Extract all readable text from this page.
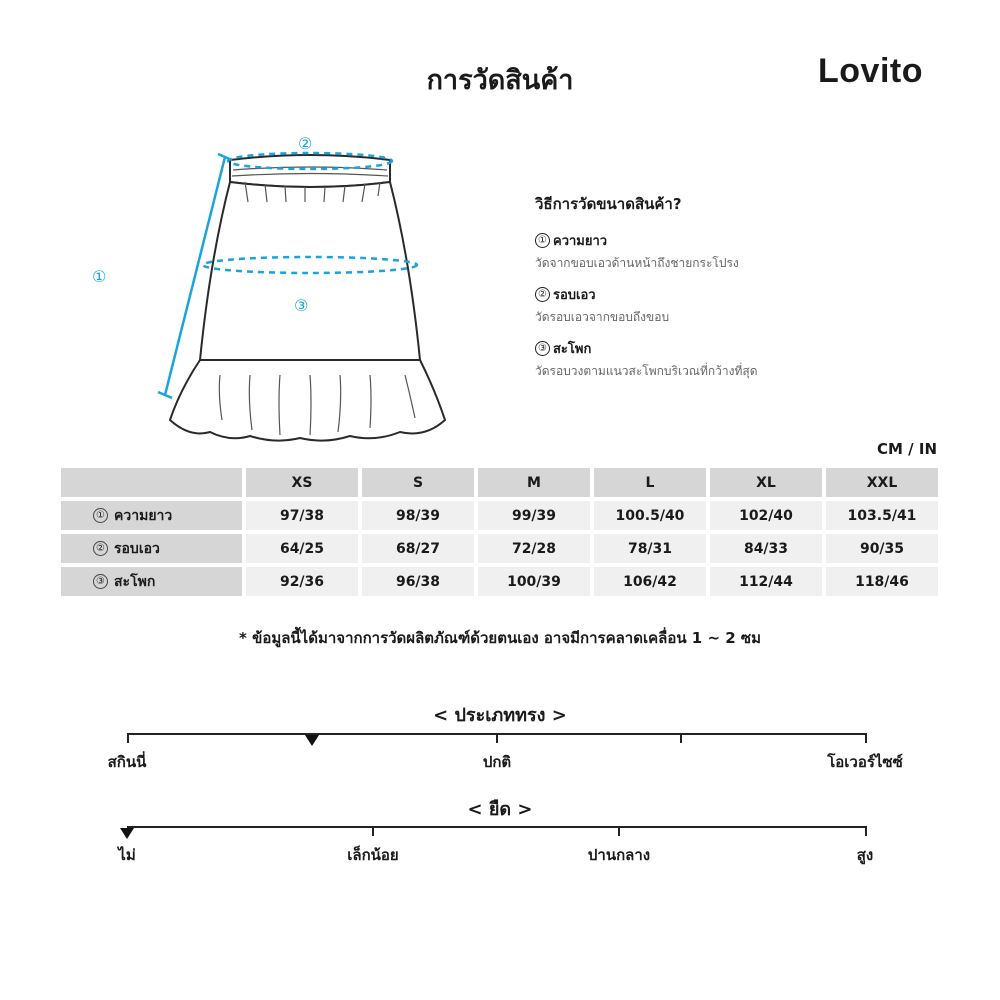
การวัดสินค้า	Lovito
②
③
①
วิธีการวัดขนาดสินค้า?
① ความยาว
วัดจากขอบเอวด้านหน้าถึงชายกระโปรง
② รอบเอว
วัดรอบเอวจากขอบถึงขอบ
③ สะโพก
วัดรอบวงตามแนวสะโพกบริเวณที่กว้างที่สุด
CM / IN
XS	S	M	L	XL	XXL
① ความยาว	97/38	98/39	99/39	100.5/40	102/40	103.5/41
② รอบเอว	64/25	68/27	72/28	78/31	84/33	90/35
③ สะโพก	92/36	96/38	100/39	106/42	112/44	118/46
* ข้อมูลนี้ได้มาจากการวัดผลิตภัณฑ์ด้วยตนเอง อาจมีการคลาดเคลื่อน 1 ~ 2 ซม
< ประเภททรง >
สกินนี่	ปกติ	โอเวอร์ไซซ์
< ยืด >
ไม่	เล็กน้อย	ปานกลาง	สูง
